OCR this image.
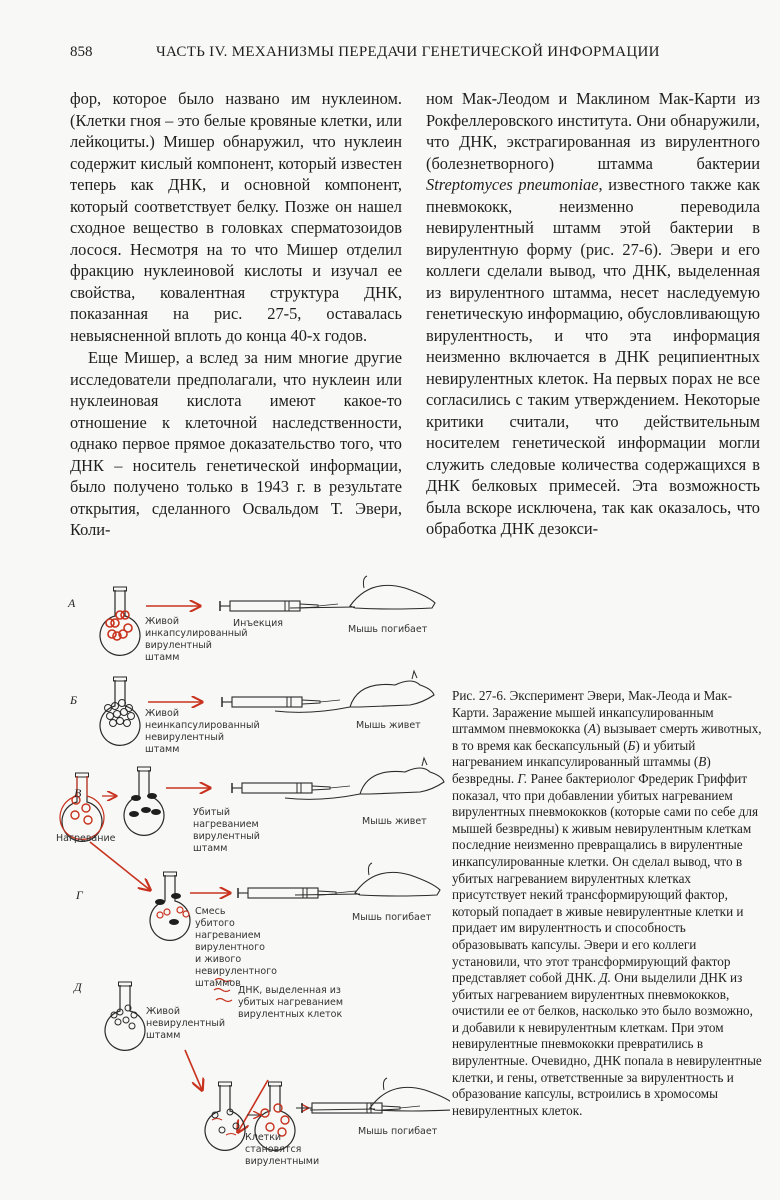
858	ЧАСТЬ IV. МЕХАНИЗМЫ ПЕРЕДАЧИ ГЕНЕТИЧЕСКОЙ ИНФОРМАЦИИ

фор, которое было названо им нуклеином. (Клетки гноя – это белые кровяные клетки, или лейкоциты.) Мишер обнаружил, что нуклеин содержит кислый компонент, который известен теперь как ДНК, и основной компонент, который соответствует белку. Позже он нашел сходное вещество в головках сперматозоидов лосося. Несмотря на то что Мишер отделил фракцию нуклеиновой кислоты и изучал ее свойства, ковалентная структура ДНК, показанная на рис. 27-5, оставалась невыясненной вплоть до конца 40-х годов.

Еще Мишер, а вслед за ним многие другие исследователи предполагали, что нуклеин или нуклеиновая кислота имеют какое-то отношение к клеточной наследственности, однако первое прямое доказательство того, что ДНК – носитель генетической информации, было получено только в 1943 г. в результате открытия, сделанного Освальдом Т. Эвери, Коли-

ном Мак-Леодом и Маклином Мак-Карти из Рокфеллеровского института. Они обнаружили, что ДНК, экстрагированная из вирулентного (болезнетворного) штамма бактерии Streptomyces pneumoniae, известного также как пневмококк, неизменно переводила невирулентный штамм этой бактерии в вирулентную форму (рис. 27-6). Эвери и его коллеги сделали вывод, что ДНК, выделенная из вирулентного штамма, несет наследуемую генетическую информацию, обусловливающую вирулентность, и что эта информация неизменно включается в ДНК реципиентных невирулентных клеток. На первых порах не все согласились с таким утверждением. Некоторые критики считали, что действительным носителем генетической информации могли служить следовые количества содержащихся в ДНК белковых примесей. Эта возможность была вскоре исключена, так как оказалось, что обработка ДНК дезокси-

А
Живой инкапсулированный вирулентный штамм
Инъекция
Мышь погибает
Б
Живой неинкапсулированный невирулентный штамм
Мышь живет
В
Нагревание
Убитый нагреванием вирулентный штамм
Мышь живет
Г
Смесь убитого нагреванием вирулентного и живого невирулентного штаммов
Мышь погибает
Д
Живой невирулентный штамм
ДНК, выделенная из убитых нагреванием вирулентных клеток
Клетки становятся вирулентными
Мышь погибает
Рис. 27-6. Эксперимент Эвери, Мак-Леода и Мак-Карти. Заражение мышей инкапсулированным штаммом пневмококка (А) вызывает смерть животных, в то время как бескапсульный (Б) и убитый нагреванием инкапсулированный штаммы (В) безвредны. Г. Ранее бактериолог Фредерик Гриффит показал, что при добавлении убитых нагреванием вирулентных пневмококков (которые сами по себе для мышей безвредны) к живым невирулентным клеткам последние неизменно превращались в вирулентные инкапсулированные клетки. Он сделал вывод, что в убитых нагреванием вирулентных клетках присутствует некий трансформирующий фактор, который попадает в живые невирулентные клетки и придает им вирулентность и способность образовывать капсулы. Эвери и его коллеги установили, что этот трансформирующий фактор представляет собой ДНК. Д. Они выделили ДНК из убитых нагреванием вирулентных пневмококков, очистили ее от белков, насколько это было возможно, и добавили к невирулентным клеткам. При этом невирулентные пневмококки превратились в вирулентные. Очевидно, ДНК попала в невирулентные клетки, и гены, ответственные за вирулентность и образование капсулы, встроились в хромосомы невирулентных клеток.
